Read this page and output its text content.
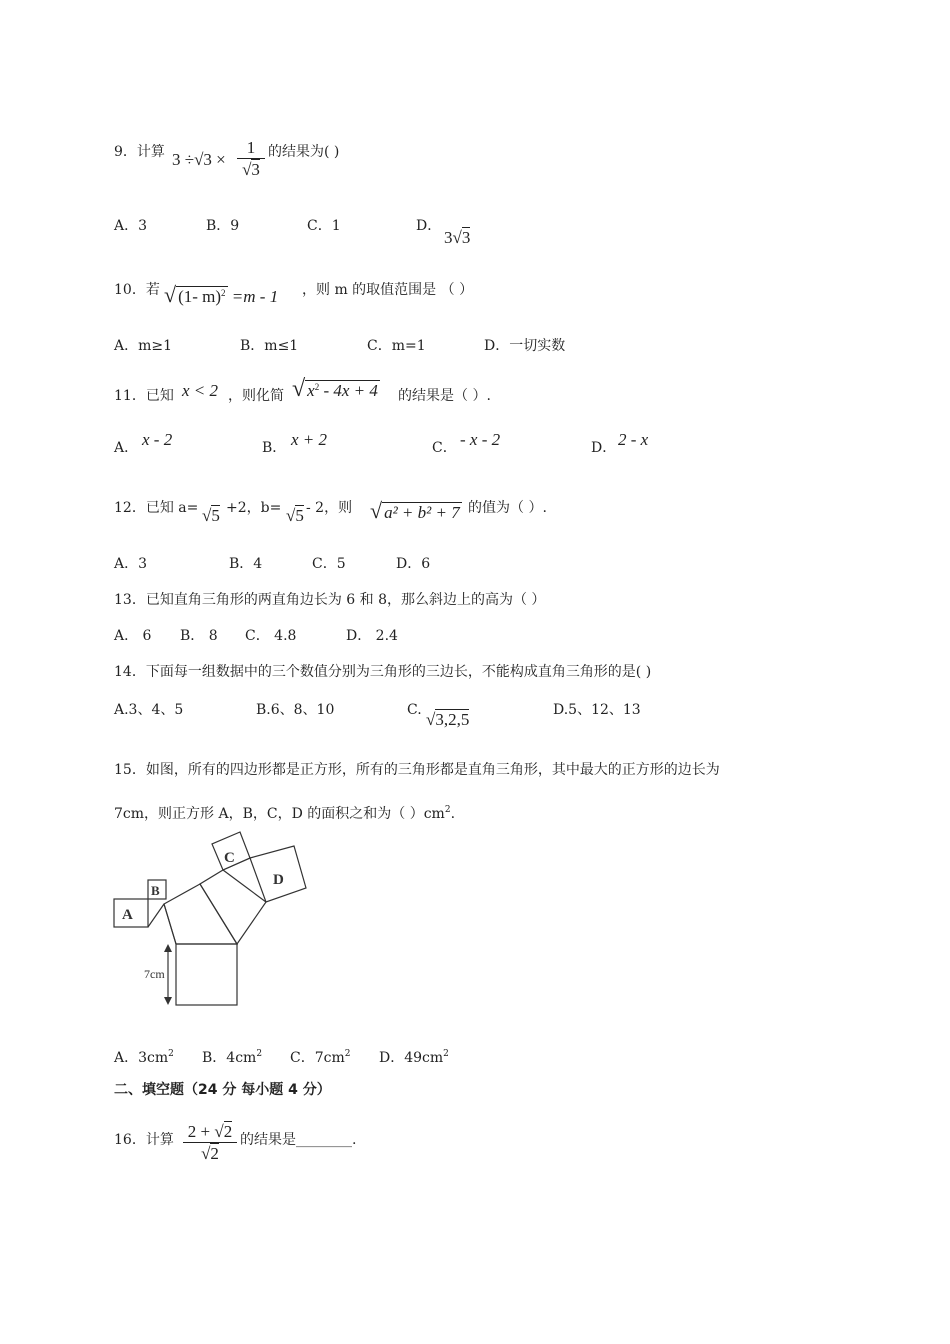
9．计算 3 ÷√3 ×
1
√3
的结果为( )
A．3	B．9	C．1	D．
3√3
10．若 √ (1- m)$^2$ =m - 1 ，则 m 的取值范围是 （ ）
A．m≥1	B．m≤1	C．m=1	D．一切实数
11．已知 x < 2 ，则化简 √ $x^2 - 4x + 4$ 的结果是（ ）.
A． x - 2	B． x + 2	C． - x - 2	D． 2 - x
12．已知 a= √5 +2，b= √5 - 2，则 √ a² + b² + 7 的值为（ ）.
A．3	B．4	C．5	D．6
13．已知直角三角形的两直角边长为 6 和 8，那么斜边上的高为（ ）
A． 6 B． 8 C． 4.8	D． 2.4
14．下面每一组数据中的三个数值分别为三角形的三边长，不能构成直角三角形的是( )
A.3、4、5	B.6、8、10	C. √3,2,5	D.5、12、13
15．如图，所有的四边形都是正方形，所有的三角形都是直角三角形，其中最大的正方形的边长为
7cm，则正方形 A，B，C，D 的面积之和为（ ）$cm^2$.
A
B
C
D
7cm
A．$3cm^2$ B．$4cm^2$ C．$7cm^2$ D．$49cm^2$
二、填空题（24 分 每小题 4 分）
16．计算 2 + √2
√2
的结果是________.
